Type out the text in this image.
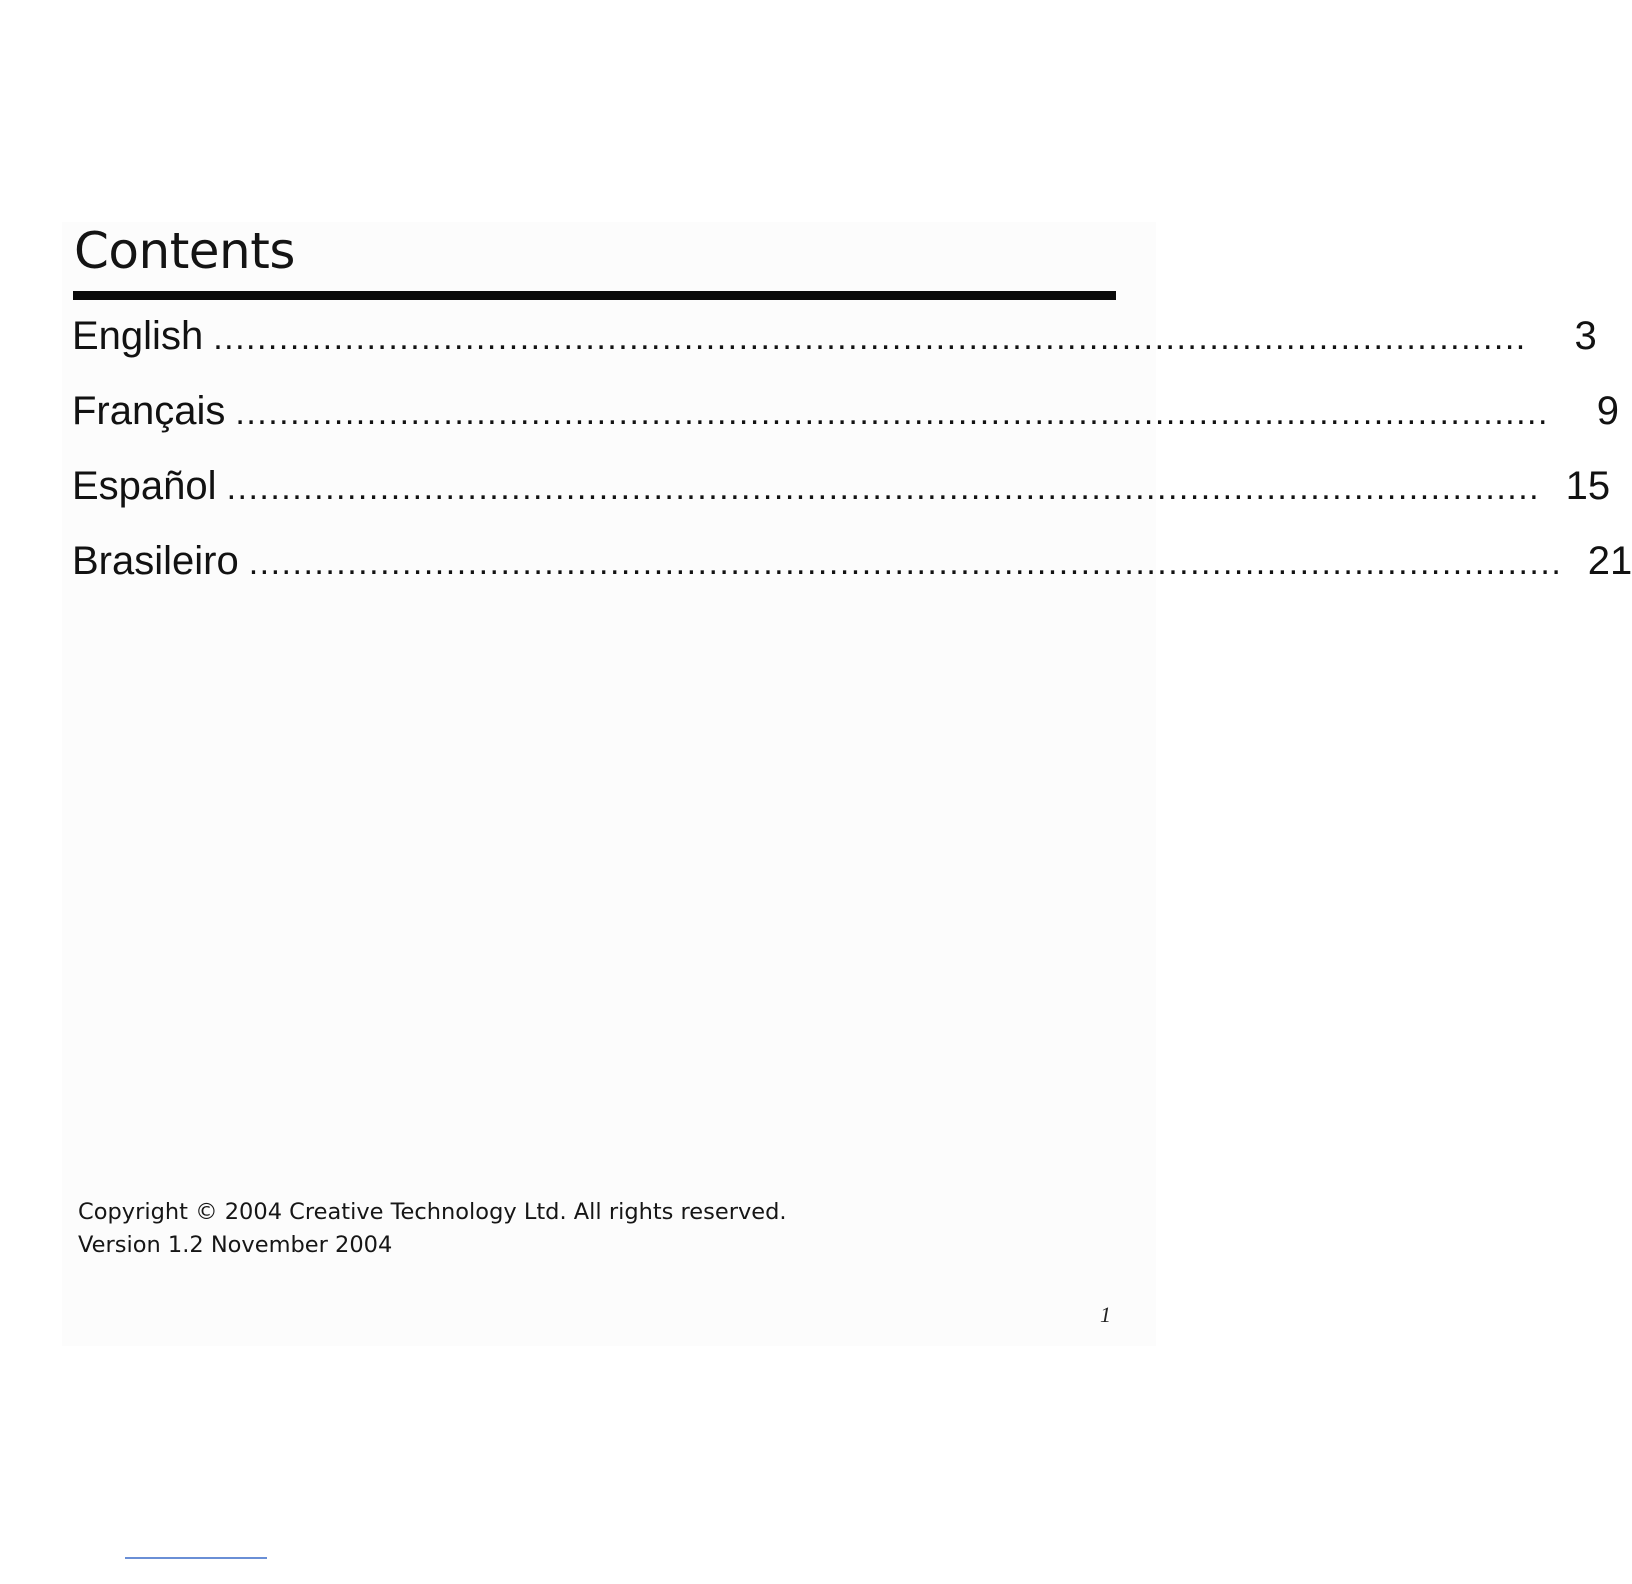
Contents
English ........................................................................................................................	3
Français ........................................................................................................................	9
Español ........................................................................................................................ 15
Brasileiro ........................................................................................................................ 21
Copyright © 2004 Creative Technology Ltd. All rights reserved.
Version 1.2 November 2004
1
